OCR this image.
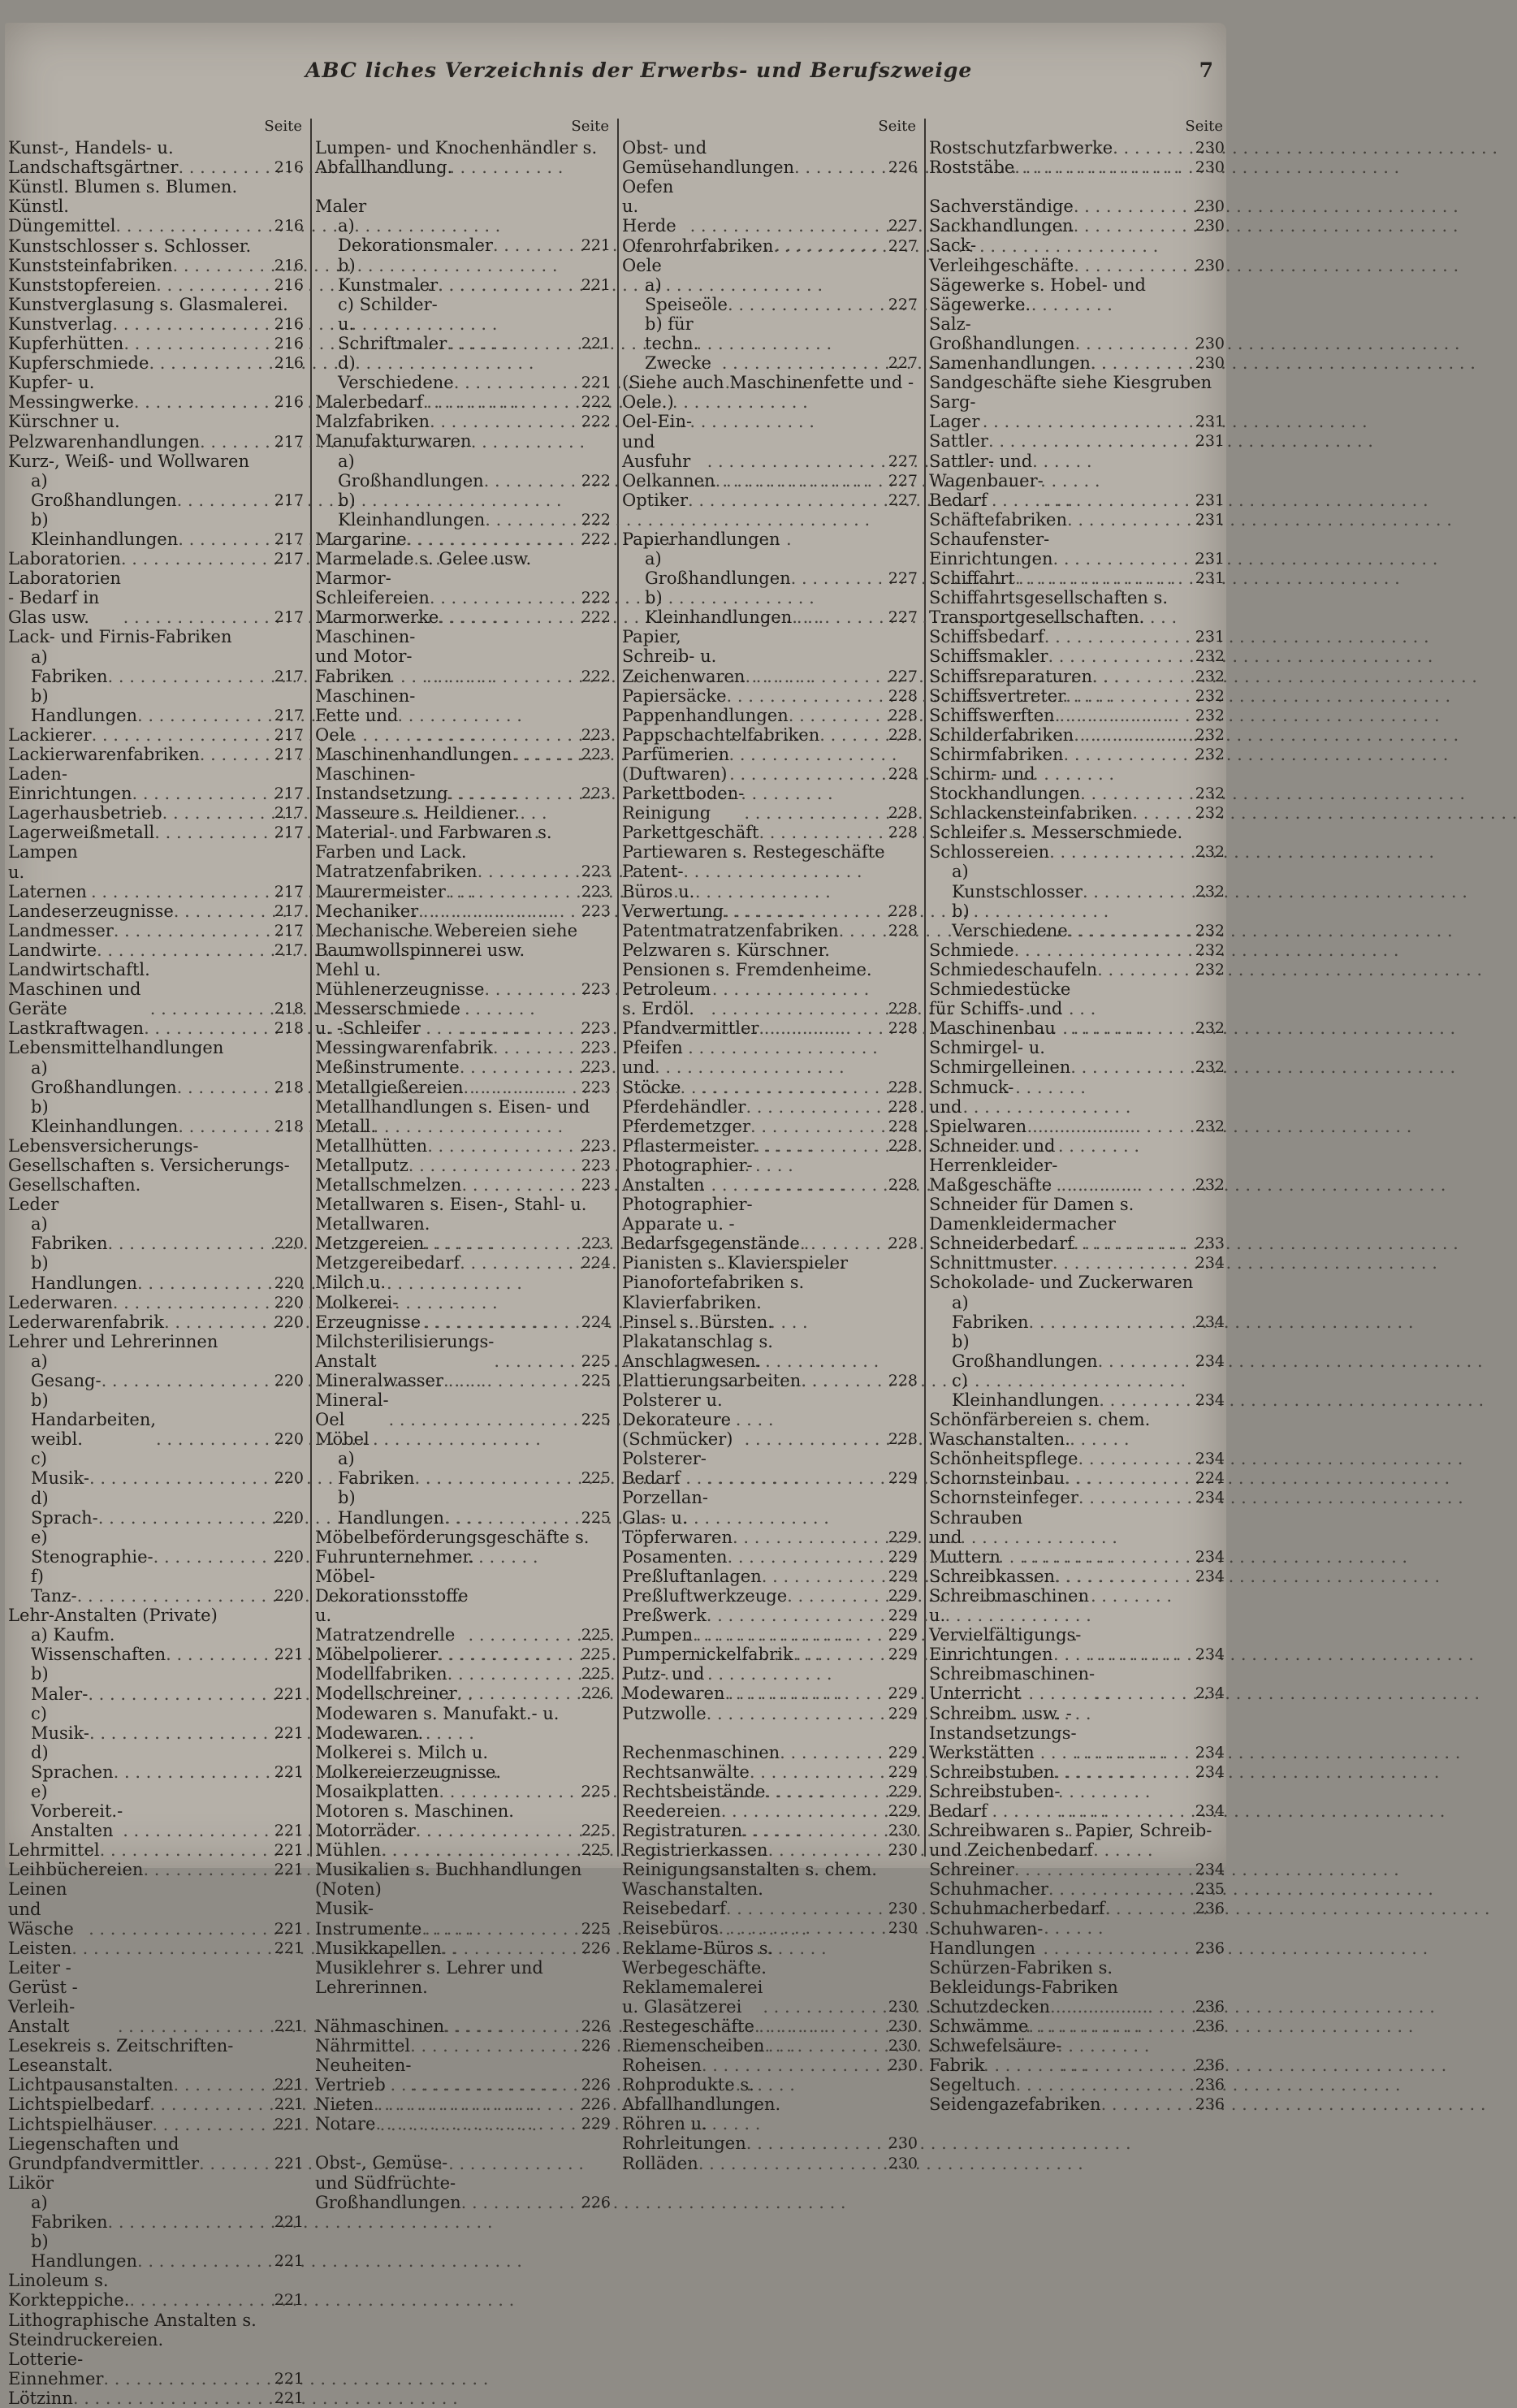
ABC liches Verzeichnis der Erwerbs- und Berufszweige	7
Seite
Kunst-, Handels- u. Landschaftsgärtner . . .	216
Künstl. Blumen s. Blumen.
Künstl. Düngemittel . . .	216
Kunstschlosser s. Schlosser.
Kunststeinfabriken . . .	216
Kunststopfereien . . .	216
Kunstverglasung s. Glasmalerei.
Kunstverlag . . .	216
Kupferhütten . . .	216
Kupferschmiede . . .	216
Kupfer- u. Messingwerke . . .	216
Kürschner u. Pelzwarenhandlungen . . .	217
Kurz-, Weiß- und Wollwaren
a) Großhandlungen . . .	217
b) Kleinhandlungen . . .	217
Laboratorien . . .	217
Laboratorien - Bedarf in Glas usw. . . .	217
Lack- und Firnis-Fabriken
a) Fabriken . . .	217
b) Handlungen . . .	217
Lackierer . . .	217
Lackierwarenfabriken . . .	217
Laden-Einrichtungen . . .	217
Lagerhausbetrieb . . .	217
Lagerweißmetall . . .	217
Lampen u. Laternen . . .	217
Landeserzeugnisse . . .	217
Landmesser . . .	217
Landwirte . . .	217
Landwirtschaftl. Maschinen und Geräte . . .	218
Lastkraftwagen . . .	218
Lebensmittelhandlungen
a) Großhandlungen . . .	218
b) Kleinhandlungen . . .	218
Lebensversicherungs-Gesellschaften s. Versicherungs-Gesellschaften.
Leder
a) Fabriken . . .	220
b) Handlungen . . .	220
Lederwaren . . .	220
Lederwarenfabrik . . .	220
Lehrer und Lehrerinnen
a) Gesang- . . .	220
b) Handarbeiten, weibl. . . .	220
c) Musik- . . .	220
d) Sprach- . . .	220
e) Stenographie- . . .	220
f) Tanz- . . .	220
Lehr-Anstalten (Private)
a) Kaufm. Wissenschaften . . .	221
b) Maler- . . .	221
c) Musik- . . .	221
d) Sprachen . . .	221
e) Vorbereit.-Anstalten . . .	221
Lehrmittel . . .	221
Leihbüchereien . . .	221
Leinen und Wäsche . . .	221
Leisten . . .	221
Leiter - Gerüst - Verleih-Anstalt . . .	221
Lesekreis s. Zeitschriften-Leseanstalt.
Lichtpausanstalten . . .	221
Lichtspielbedarf . . .	221
Lichtspielhäuser . . .	221
Liegenschaften und Grundpfandvermittler . . .	221
Likör
a) Fabriken . . .	221
b) Handlungen . . .	221
Linoleum s. Korkteppiche. . . .	221
Lithographische Anstalten s. Steindruckereien.
Lotterie-Einnehmer . . .	221
Lötzinn . . .	221
Seite
Lumpen- und Knochenhändler s. Abfallhandlung.
Maler
a) Dekorationsmaler . . .	221
b) Kunstmaler . . .	221
c) Schilder- u. Schriftmaler . . .	221
d) Verschiedene . . .	221
Malerbedarf . . .	222
Malzfabriken . . .	222
Manufakturwaren
a) Großhandlungen . . .	222
b) Kleinhandlungen . . .	222
Margarine . . .	222
Marmelade s. Gelee usw.
Marmor-Schleifereien . . .	222
Marmorwerke . . .	222
Maschinen- und Motor-Fabriken . . .	222
Maschinen-Fette und Oele . . .	223
Maschinenhandlungen . . .	223
Maschinen-Instandsetzung . . .	223
Masseure s. Heildiener.
Material- und Farbwaren s. Farben und Lack.
Matratzenfabriken . . .	223
Maurermeister . . .	223
Mechaniker . . .	223
Mechanische Webereien siehe Baumwollspinnerei usw.
Mehl u. Mühlenerzeugnisse . . .	223
Messerschmiede u. -Schleifer . . .	223
Messingwarenfabrik . . .	223
Meßinstrumente . . .	223
Metallgießereien . . .	223
Metallhandlungen s. Eisen- und Metall.
Metallhütten . . .	223
Metallputz . . .	223
Metallschmelzen . . .	223
Metallwaren s. Eisen-, Stahl- u. Metallwaren.
Metzgereien . . .	223
Metzgereibedarf . . .	224
Milch u. Molkerei-Erzeugnisse . . .	224
Milchsterilisierungs-Anstalt . . .	225
Mineralwasser . . .	225
Mineral-Oel . . .	225
Möbel
a) Fabriken . . .	225
b) Handlungen . . .	225
Möbelbeförderungsgeschäfte s. Fuhrunternehmer.
Möbel-Dekorationsstoffe u. Matratzendrelle . . .	225
Möbelpolierer . . .	225
Modellfabriken . . .	225
Modellschreiner . . .	226
Modewaren s. Manufakt.- u. Modewaren.
Molkerei s. Milch u. Molkereierzeugnisse.
Mosaikplatten . . .	225
Motoren s. Maschinen.
Motorräder . . .	225
Mühlen . . .	225
Musikalien s. Buchhandlungen (Noten)
Musik-Instrumente . . .	225
Musikkapellen . . .	226
Musiklehrer s. Lehrer und Lehrerinnen.
Nähmaschinen . . .	226
Nährmittel . . .	226
Neuheiten-Vertrieb . . .	226
Nieten . . .	226
Notare . . .	229
Obst-, Gemüse- und Südfrüchte-Großhandlungen . . .	226
Seite
Obst- und Gemüsehandlungen . . .	226
Oefen u. Herde . . .	227
Ofenrohrfabriken . . .	227
Oele
a) Speiseöle . . .	227
b) für techn. Zwecke . . .	227
(Siehe auch Maschinenfette und -Oele.)
Oel-Ein- und Ausfuhr . . .	227
Oelkannen . . .	227
Optiker . . .	227
Papierhandlungen
a) Großhandlungen . . .	227
b) Kleinhandlungen . . .	227
Papier, Schreib- u. Zeichenwaren . . .	227
Papiersäcke . . .	228
Pappenhandlungen . . .	228
Pappschachtelfabriken . . .	228
Parfümerien (Duftwaren) . . .	228
Parkettboden-Reinigung . . .	228
Parkettgeschäft . . .	228
Partiewaren s. Restegeschäfte
Patent-Büros u. Verwertung . . .	228
Patentmatratzenfabriken . . .	228
Pelzwaren s. Kürschner.
Pensionen s. Fremdenheime.
Petroleum s. Erdöl. . . .	228
Pfandvermittler . . .	228
Pfeifen und Stöcke . . .	228
Pferdehändler . . .	228
Pferdemetzger . . .	228
Pflastermeister . . .	228
Photographier-Anstalten . . .	228
Photographier-Apparate u. -Bedarfsgegenstände . . .	228
Pianisten s. Klavierspieler
Pianofortefabriken s. Klavierfabriken.
Pinsel s. Bürsten.
Plakatanschlag s. Anschlagwesen.
Plattierungsarbeiten . . .	228
Polsterer u. Dekorateure (Schmücker) . . .	228
Polsterer-Bedarf . . .	229
Porzellan-Glas- u. Töpferwaren . . .	229
Posamenten . . .	229
Preßluftanlagen . . .	229
Preßluftwerkzeuge . . .	229
Preßwerk . . .	229
Pumpen . . .	229
Pumpernickelfabrik . . .	229
Putz- und Modewaren . . .	229
Putzwolle . . .	229
Rechenmaschinen . . .	229
Rechtsanwälte . . .	229
Rechtsbeistände . . .	229
Reedereien . . .	229
Registraturen . . .	230
Registrierkassen . . .	230
Reinigungsanstalten s. chem. Waschanstalten.
Reisebedarf . . .	230
Reisebüros . . .	230
Reklame-Büros s. Werbegeschäfte.
Reklamemalerei u. Glasätzerei . . .	230
Restegeschäfte . . .	230
Riemenscheiben . . .	230
Roheisen . . .	230
Rohprodukte s. Abfallhandlungen.
Röhren u. Rohrleitungen . . .	230
Rolläden . . .	230
Seite
Rostschutzfarbwerke . . .	230
Roststäbe . . .	230
Sachverständige . . .	230
Sackhandlungen . . .	230
Sack-Verleihgeschäfte . . .	230
Sägewerke s. Hobel- und Sägewerke.
Salz-Großhandlungen . . .	230
Samenhandlungen . . .	230
Sandgeschäfte siehe Kiesgruben
Sarg-Lager . . .	231
Sattler . . .	231
Sattler- und Wagenbauer-Bedarf . . .	231
Schäftefabriken . . .	231
Schaufenster-Einrichtungen . . .	231
Schiffahrt . . .	231
Schiffahrtsgesellschaften s. Transportgesellschaften.
Schiffsbedarf . . .	231
Schiffsmakler . . .	232
Schiffsreparaturen . . .	232
Schiffsvertreter . . .	232
Schiffswerften . . .	232
Schilderfabriken . . .	232
Schirmfabriken . . .	232
Schirm- und Stockhandlungen . . .	232
Schlackensteinfabriken . . .	232
Schleifer s. Messerschmiede.
Schlossereien . . .	232
a) Kunstschlosser . . .	232
b) Verschiedene . . .	232
Schmiede . . .	232
Schmiedeschaufeln . . .	232
Schmiedestücke für Schiffs- und Maschinenbau . . .	232
Schmirgel- u. Schmirgelleinen . . .	232
Schmuck- und Spielwaren . . .	232
Schneider und Herrenkleider-Maßgeschäfte . . .	232
Schneider für Damen s. Damenkleidermacher
Schneiderbedarf . . .	233
Schnittmuster . . .	234
Schokolade- und Zuckerwaren
a) Fabriken . . .	234
b) Großhandlungen . . .	234
c) Kleinhandlungen . . .	234
Schönfärbereien s. chem. Waschanstalten.
Schönheitspflege . . .	234
Schornsteinbau . . .	224
Schornsteinfeger . . .	234
Schrauben und Muttern . . .	234
Schreibkassen . . .	234
Schreibmaschinen u. Vervielfältigungs-Einrichtungen . . .	234
Schreibmaschinen-Unterricht . . .	234
Schreibm. usw. -Instandsetzungs-Werkstätten . . .	234
Schreibstuben . . .	234
Schreibstuben-Bedarf . . .	234
Schreibwaren s. Papier, Schreib- und Zeichenbedarf
Schreiner . . .	234
Schuhmacher . . .	235
Schuhmacherbedarf . . .	236
Schuhwaren-Handlungen . . .	236
Schürzen-Fabriken s. Bekleidungs-Fabriken
Schutzdecken . . .	236
Schwämme . . .	236
Schwefelsäure-Fabrik . . .	236
Segeltuch . . .	236
Seidengazefabriken . . .	236
